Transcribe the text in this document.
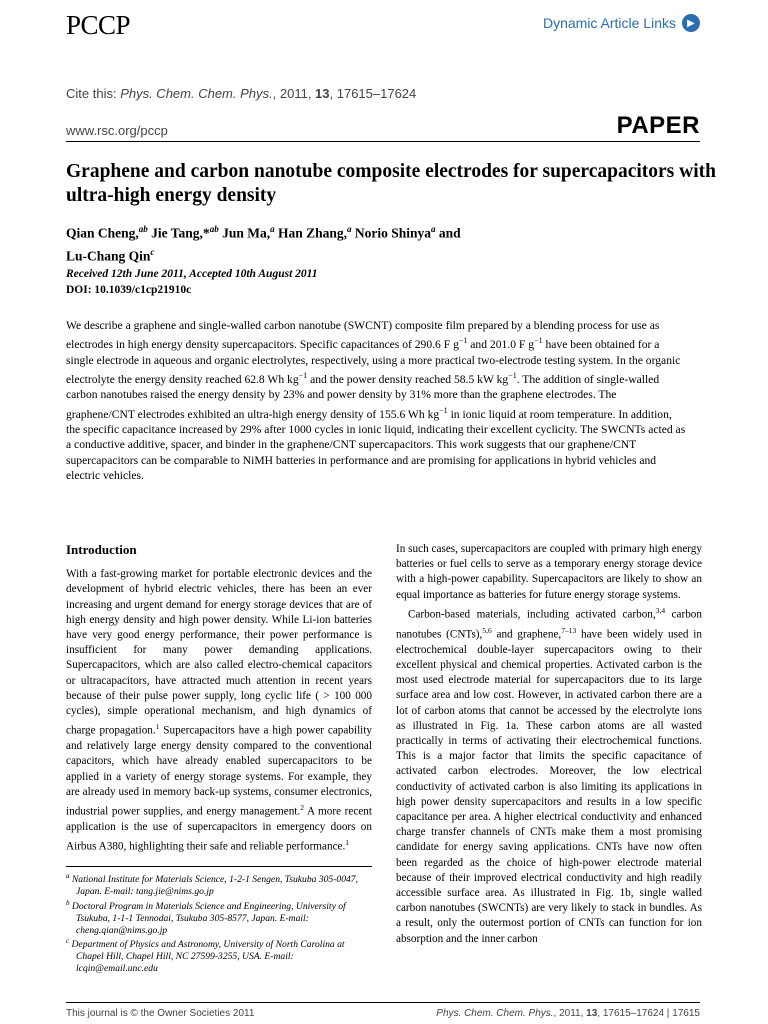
PCCP	Dynamic Article Links	▶
Cite this: Phys. Chem. Chem. Phys., 2011, 13, 17615–17624
www.rsc.org/pccp	PAPER
Graphene and carbon nanotube composite electrodes for supercapacitors with ultra-high energy density
Qian Cheng,$^{ab}$ Jie Tang,*$^{ab}$ Jun Ma,$^a$ Han Zhang,$^a$ Norio Shinya$^a$ and
Lu-Chang Qin$^c$
Received 12th June 2011, Accepted 10th August 2011
DOI: 10.1039/c1cp21910c

We describe a graphene and single-walled carbon nanotube (SWCNT) composite film prepared by a blending process for use as electrodes in high energy density supercapacitors. Specific capacitances of 290.6 F $g^{-1}$ and 201.0 F $g^{-1}$ have been obtained for a single electrode in aqueous and organic electrolytes, respectively, using a more practical two-electrode testing system. In the organic electrolyte the energy density reached 62.8 Wh $kg^{-1}$ and the power density reached 58.5 kW $kg^{-1}$. The addition of single-walled carbon nanotubes raised the energy density by 23% and power density by 31% more than the graphene electrodes. The graphene/CNT electrodes exhibited an ultra-high energy density of 155.6 Wh $kg^{-1}$ in ionic liquid at room temperature. In addition, the specific capacitance increased by 29% after 1000 cycles in ionic liquid, indicating their excellent cyclicity. The SWCNTs acted as a conductive additive, spacer, and binder in the graphene/CNT supercapacitors. This work suggests that our graphene/CNT supercapacitors can be comparable to NiMH batteries in performance and are promising for applications in hybrid vehicles and electric vehicles.

Introduction

With a fast-growing market for portable electronic devices and the development of hybrid electric vehicles, there has been an ever increasing and urgent demand for energy storage devices that are of high energy density and high power density. While Li-ion batteries have very good energy performance, their power performance is insufficient for many power demanding applications. Supercapacitors, which are also called electro-chemical capacitors or ultracapacitors, have attracted much attention in recent years because of their pulse power supply, long cyclic life ( > 100 000 cycles), simple operational mechanism, and high dynamics of charge propagation.$^1$ Supercapacitors have a high power capability and relatively large energy density compared to the conventional capacitors, which have already enabled supercapacitors to be applied in a variety of energy storage systems. For example, they are already used in memory back-up systems, consumer electronics, industrial power supplies, and energy management.$^2$ A more recent application is the use of supercapacitors in emergency doors on Airbus A380, highlighting their safe and reliable performance.$^1$

$^a$ National Institute for Materials Science, 1-2-1 Sengen, Tsukuba 305-0047, Japan. E-mail: tang.jie@nims.go.jp

$^b$ Doctoral Program in Materials Science and Engineering, University of Tsukuba, 1-1-1 Tennodai, Tsukuba 305-8577, Japan. E-mail: cheng.qian@nims.go.jp

$^c$ Department of Physics and Astronomy, University of North Carolina at Chapel Hill, Chapel Hill, NC 27599-3255, USA. E-mail: lcqin@email.unc.edu

In such cases, supercapacitors are coupled with primary high energy batteries or fuel cells to serve as a temporary energy storage device with a high-power capability. Supercapacitors are likely to show an equal importance as batteries for future energy storage systems.

Carbon-based materials, including activated carbon,$^{3,4}$ carbon nanotubes (CNTs),$^{5,6}$ and graphene,$^{7-13}$ have been widely used in electrochemical double-layer supercapacitors owing to their excellent physical and chemical properties. Activated carbon is the most used electrode material for supercapacitors due to its large surface area and low cost. However, in activated carbon there are a lot of carbon atoms that cannot be accessed by the electrolyte ions as illustrated in Fig. 1a. These carbon atoms are all wasted practically in terms of activating their electrochemical functions. This is a major factor that limits the specific capacitance of activated carbon electrodes. Moreover, the low electrical conductivity of activated carbon is also limiting its applications in high power density supercapacitors and results in a low specific capacitance per area. A higher electrical conductivity and enhanced charge transfer channels of CNTs make them a most promising candidate for energy saving applications. CNTs have now often been regarded as the choice of high-power electrode material because of their improved electrical conductivity and high readily accessible surface area. As illustrated in Fig. 1b, single walled carbon nanotubes (SWCNTs) are very likely to stack in bundles. As a result, only the outermost portion of CNTs can function for ion absorption and the inner carbon

This journal is © the Owner Societies 2011	Phys. Chem. Chem. Phys., 2011, 13, 17615–17624 | 17615
